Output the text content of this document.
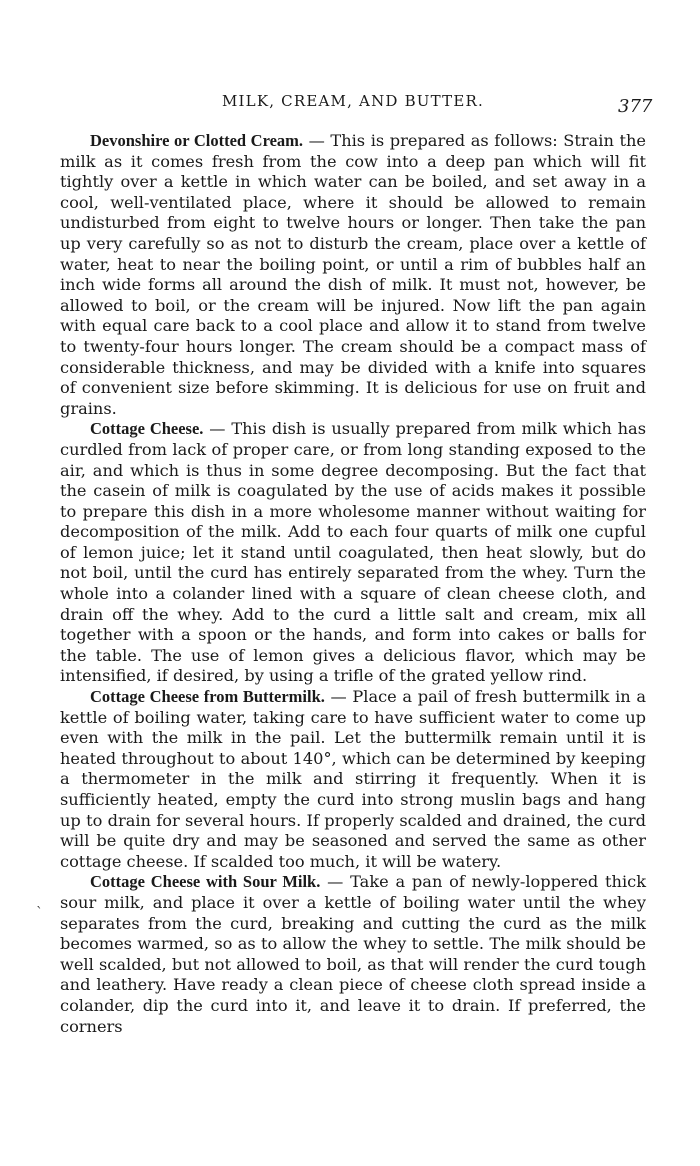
MILK, CREAM, AND BUTTER.	377

Devonshire or Clotted Cream. — This is prepared as follows: Strain the milk as it comes fresh from the cow into a deep pan which will fit tightly over a kettle in which water can be boiled, and set away in a cool, well-ventilated place, where it should be allowed to remain undisturbed from eight to twelve hours or longer. Then take the pan up very carefully so as not to disturb the cream, place over a kettle of water, heat to near the boiling point, or until a rim of bubbles half an inch wide forms all around the dish of milk. It must not, however, be allowed to boil, or the cream will be injured. Now lift the pan again with equal care back to a cool place and allow it to stand from twelve to twenty-four hours longer. The cream should be a compact mass of considerable thickness, and may be divided with a knife into squares of convenient size before skimming. It is delicious for use on fruit and grains.

Cottage Cheese. — This dish is usually prepared from milk which has curdled from lack of proper care, or from long standing exposed to the air, and which is thus in some degree decomposing. But the fact that the casein of milk is coagulated by the use of acids makes it possible to prepare this dish in a more wholesome manner without waiting for decomposition of the milk. Add to each four quarts of milk one cupful of lemon juice; let it stand until coagulated, then heat slowly, but do not boil, until the curd has entirely separated from the whey. Turn the whole into a colander lined with a square of clean cheese cloth, and drain off the whey. Add to the curd a little salt and cream, mix all together with a spoon or the hands, and form into cakes or balls for the table. The use of lemon gives a delicious flavor, which may be intensified, if desired, by using a trifle of the grated yellow rind.

Cottage Cheese from Buttermilk. — Place a pail of fresh buttermilk in a kettle of boiling water, taking care to have sufficient water to come up even with the milk in the pail. Let the buttermilk remain until it is heated throughout to about 140°, which can be determined by keeping a thermometer in the milk and stirring it frequently. When it is sufficiently heated, empty the curd into strong muslin bags and hang up to drain for several hours. If properly scalded and drained, the curd will be quite dry and may be seasoned and served the same as other cottage cheese. If scalded too much, it will be watery.

Cottage Cheese with Sour Milk. — Take a pan of newly-loppered thick sour milk, and place it over a kettle of boiling water until the whey separates from the curd, breaking and cutting the curd as the milk becomes warmed, so as to allow the whey to settle. The milk should be well scalded, but not allowed to boil, as that will render the curd tough and leathery. Have ready a clean piece of cheese cloth spread inside a colander, dip the curd into it, and leave it to drain. If preferred, the corners

`
